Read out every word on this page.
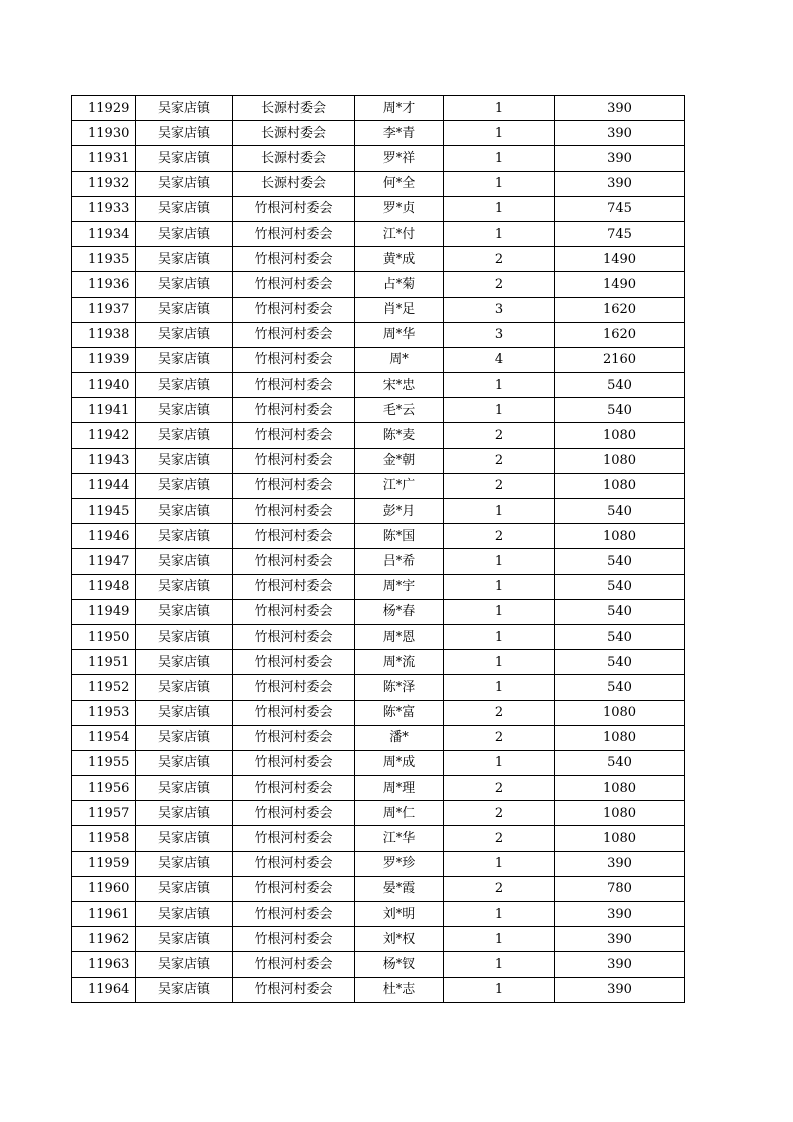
11929	吴家店镇	长源村委会	周*才	1	390
11930	吴家店镇	长源村委会	李*青	1	390
11931	吴家店镇	长源村委会	罗*祥	1	390
11932	吴家店镇	长源村委会	何*全	1	390
11933	吴家店镇	竹根河村委会	罗*贞	1	745
11934	吴家店镇	竹根河村委会	江*付	1	745
11935	吴家店镇	竹根河村委会	黄*成	2	1490
11936	吴家店镇	竹根河村委会	占*菊	2	1490
11937	吴家店镇	竹根河村委会	肖*足	3	1620
11938	吴家店镇	竹根河村委会	周*华	3	1620
11939	吴家店镇	竹根河村委会	周*	4	2160
11940	吴家店镇	竹根河村委会	宋*忠	1	540
11941	吴家店镇	竹根河村委会	毛*云	1	540
11942	吴家店镇	竹根河村委会	陈*麦	2	1080
11943	吴家店镇	竹根河村委会	金*朝	2	1080
11944	吴家店镇	竹根河村委会	江*广	2	1080
11945	吴家店镇	竹根河村委会	彭*月	1	540
11946	吴家店镇	竹根河村委会	陈*国	2	1080
11947	吴家店镇	竹根河村委会	吕*希	1	540
11948	吴家店镇	竹根河村委会	周*宇	1	540
11949	吴家店镇	竹根河村委会	杨*春	1	540
11950	吴家店镇	竹根河村委会	周*恩	1	540
11951	吴家店镇	竹根河村委会	周*流	1	540
11952	吴家店镇	竹根河村委会	陈*泽	1	540
11953	吴家店镇	竹根河村委会	陈*富	2	1080
11954	吴家店镇	竹根河村委会	潘*	2	1080
11955	吴家店镇	竹根河村委会	周*成	1	540
11956	吴家店镇	竹根河村委会	周*理	2	1080
11957	吴家店镇	竹根河村委会	周*仁	2	1080
11958	吴家店镇	竹根河村委会	江*华	2	1080
11959	吴家店镇	竹根河村委会	罗*珍	1	390
11960	吴家店镇	竹根河村委会	晏*霞	2	780
11961	吴家店镇	竹根河村委会	刘*明	1	390
11962	吴家店镇	竹根河村委会	刘*权	1	390
11963	吴家店镇	竹根河村委会	杨*钗	1	390
11964	吴家店镇	竹根河村委会	杜*志	1	390
